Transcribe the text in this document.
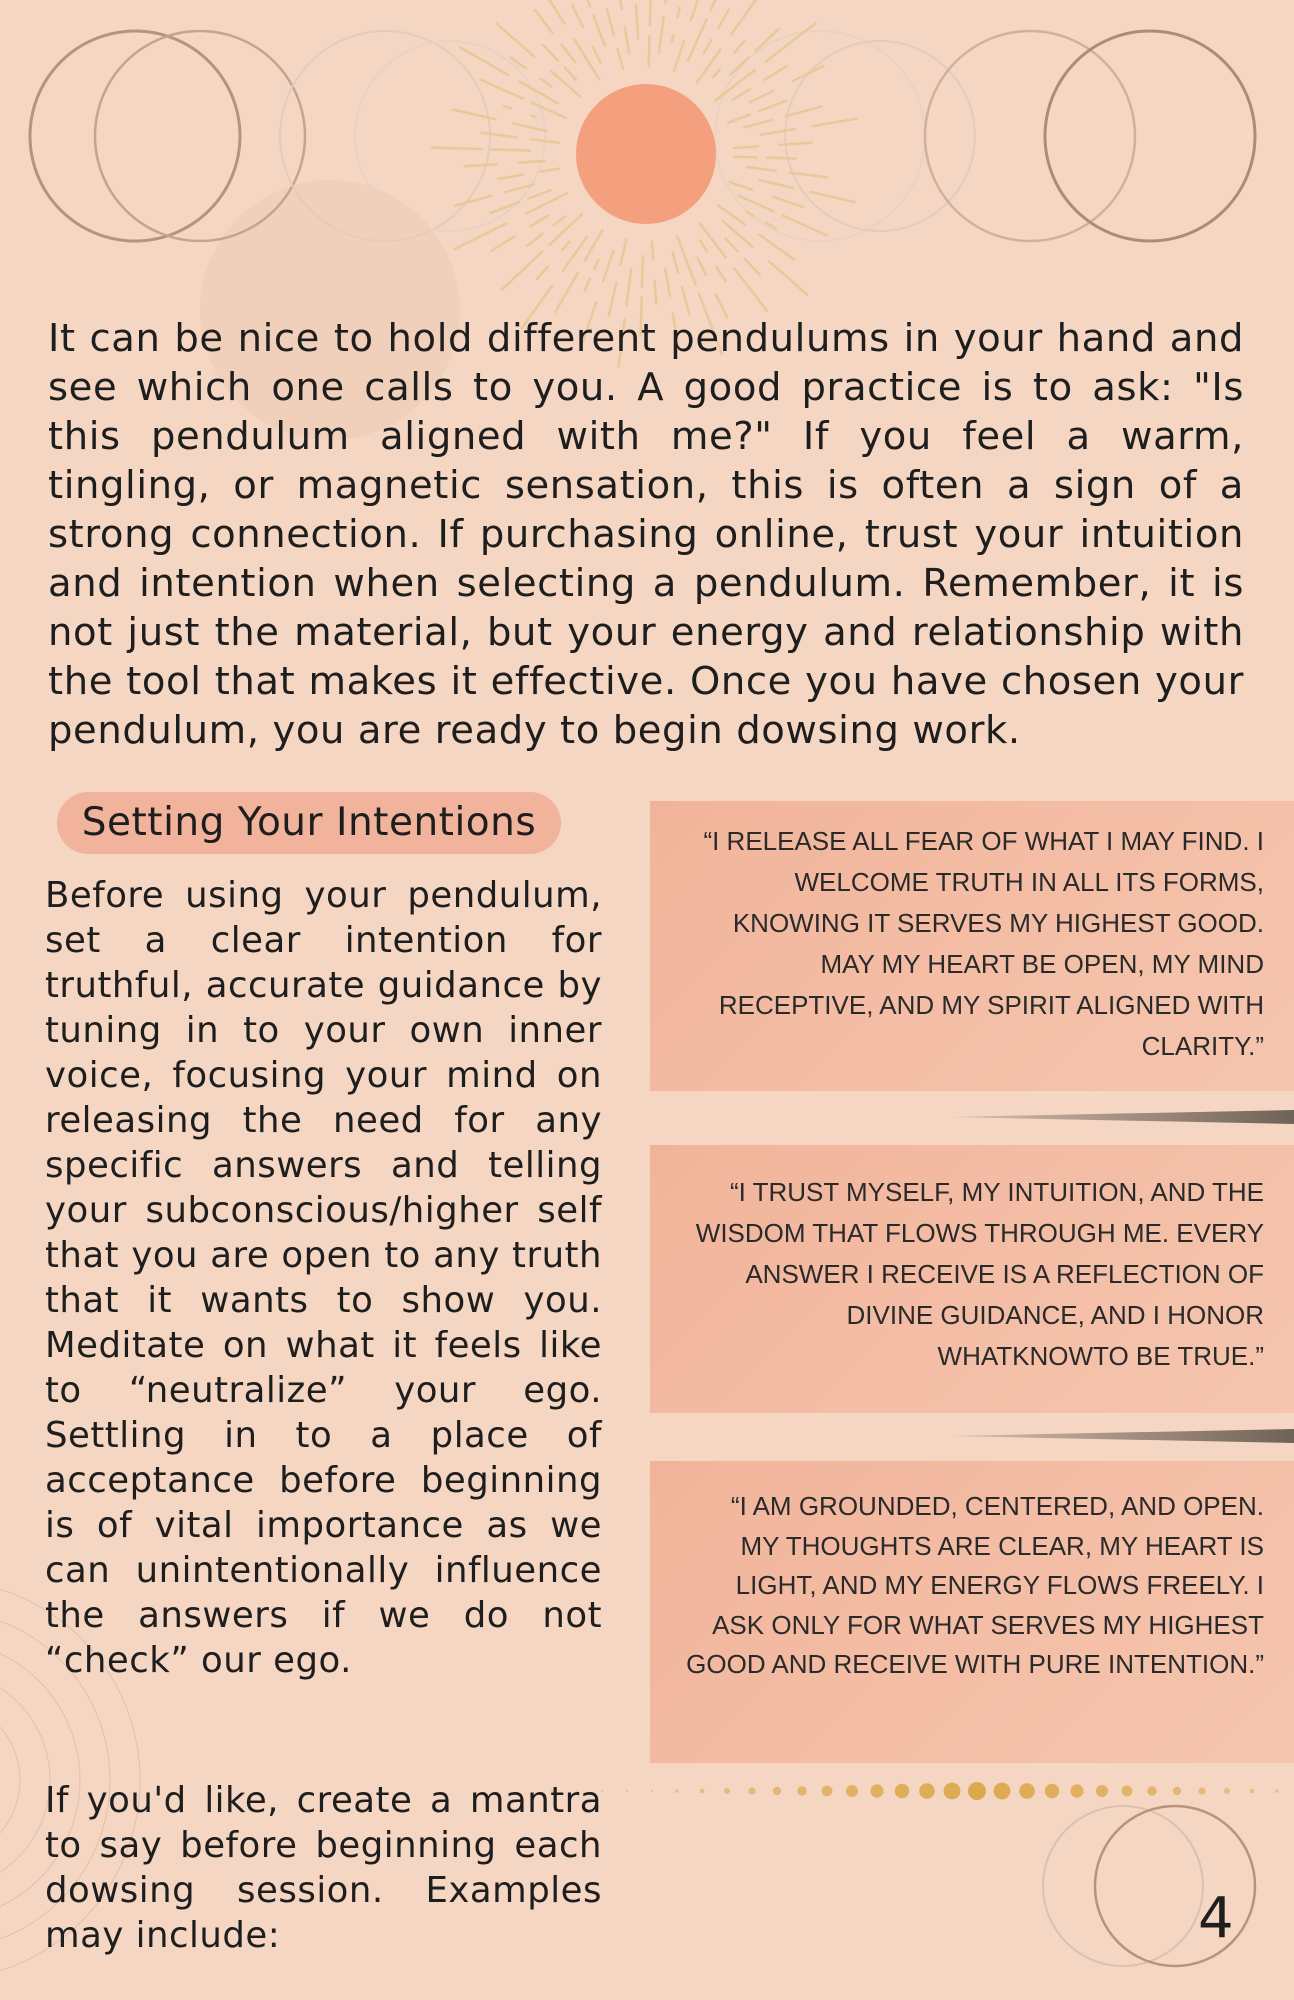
It can be nice to hold different pendulums in your hand and see which one calls to you. A good practice is to ask: "Is this pendulum aligned with me?" If you feel a warm, tingling, or magnetic sensation, this is often a sign of a strong connection. If purchasing online, trust your intuition and intention when selecting a pendulum. Remember, it is not just the material, but your energy and relationship with the tool that makes it effective. Once you have chosen your pendulum, you are ready to begin dowsing work.

Setting Your Intentions

Before using your pendulum, set a clear intention for truthful, accurate guidance by tuning in to your own inner voice, focusing your mind on releasing the need for any specific answers and telling your subconscious/higher self that you are open to any truth that it wants to show you. Meditate on what it feels like to “neutralize” your ego. Settling in to a place of acceptance before beginning is of vital importance as we can unintentionally influence the answers if we do not “check” our ego.

If you'd like, create a mantra to say before beginning each dowsing session. Examples may include:

“I RELEASE ALL FEAR OF WHAT I MAY FIND. I WELCOME TRUTH IN ALL ITS FORMS, KNOWING IT SERVES MY HIGHEST GOOD. MAY MY HEART BE OPEN, MY MIND RECEPTIVE, AND MY SPIRIT ALIGNED WITH CLARITY.”
“I TRUST MYSELF, MY INTUITION, AND THE WISDOM THAT FLOWS THROUGH ME. EVERY ANSWER I RECEIVE IS A REFLECTION OF DIVINE GUIDANCE, AND I HONOR WHATKNOWTO BE TRUE.”
“I AM GROUNDED, CENTERED, AND OPEN. MY THOUGHTS ARE CLEAR, MY HEART IS LIGHT, AND MY ENERGY FLOWS FREELY. I ASK ONLY FOR WHAT SERVES MY HIGHEST GOOD AND RECEIVE WITH PURE INTENTION.”
4
